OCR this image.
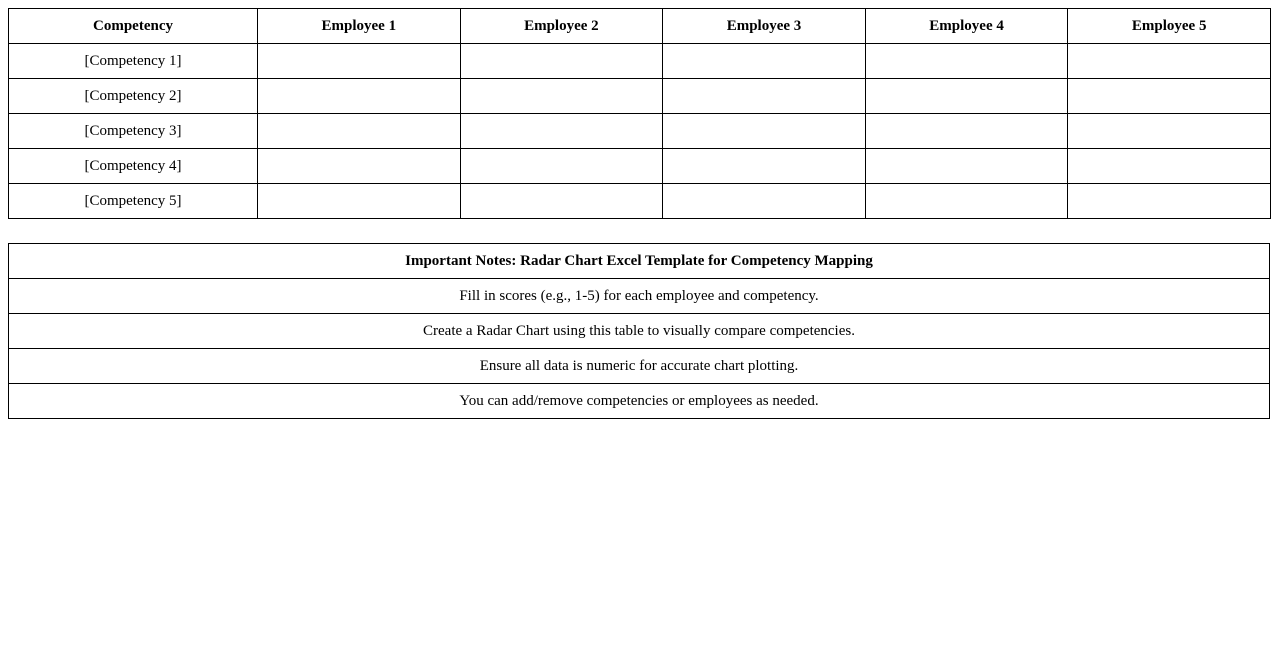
Competency	Employee 1	Employee 2	Employee 3	Employee 4	Employee 5
[Competency 1]					
[Competency 2]					
[Competency 3]					
[Competency 4]					
[Competency 5]					
Important Notes: Radar Chart Excel Template for Competency Mapping
Fill in scores (e.g., 1-5) for each employee and competency.
Create a Radar Chart using this table to visually compare competencies.
Ensure all data is numeric for accurate chart plotting.
You can add/remove competencies or employees as needed.
